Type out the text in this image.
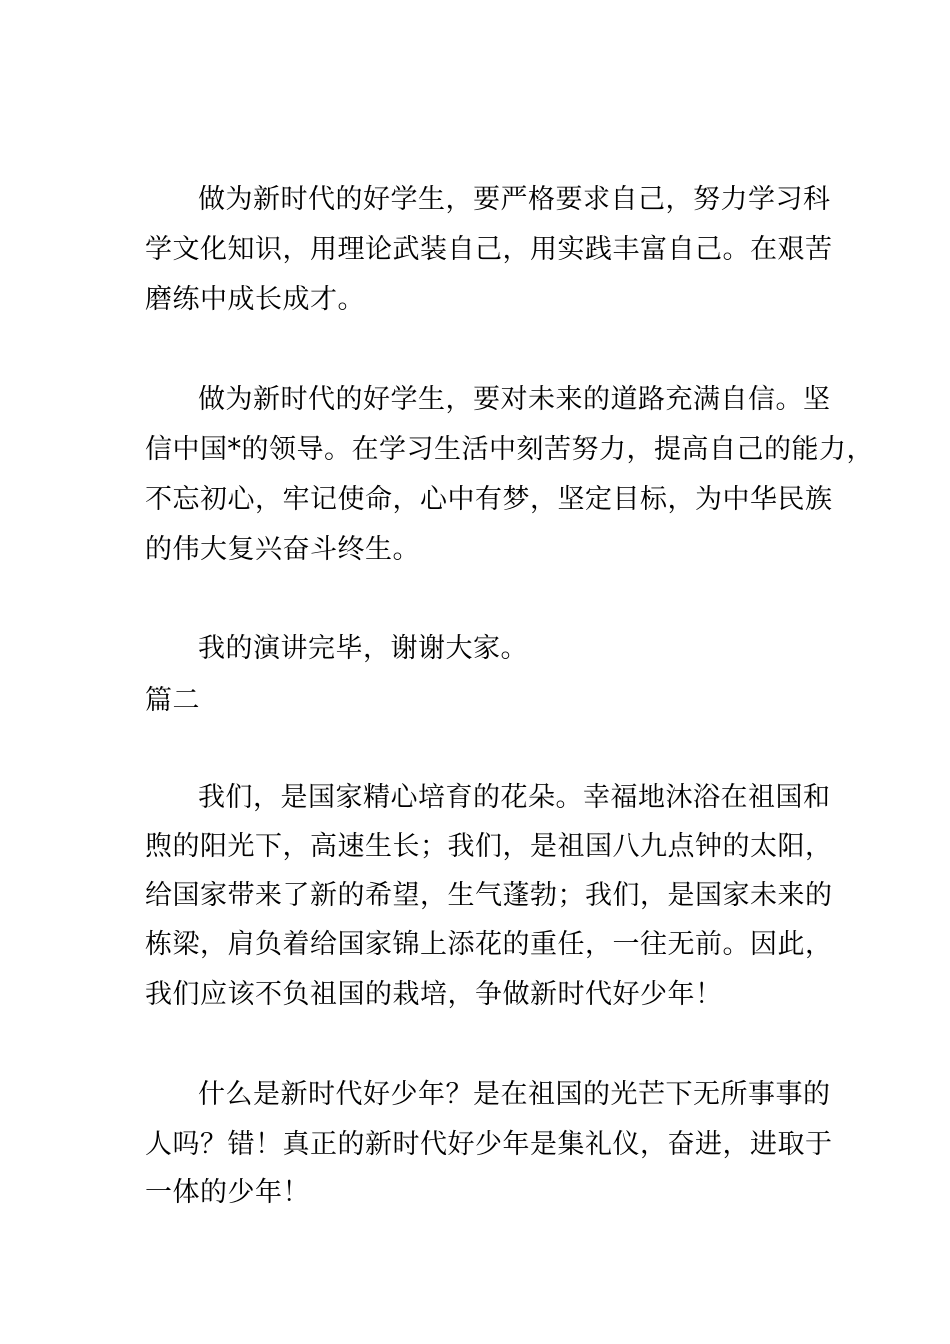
做为新时代的好学生，要严格要求自己，努力学习科
学文化知识，用理论武装自己，用实践丰富自己。在艰苦
磨练中成长成才。
做为新时代的好学生，要对未来的道路充满自信。坚
信中国*的领导。在学习生活中刻苦努力，提高自己的能力，
不忘初心，牢记使命，心中有梦，坚定目标，为中华民族
的伟大复兴奋斗终生。
我的演讲完毕，谢谢大家。
篇二
我们，是国家精心培育的花朵。幸福地沐浴在祖国和
煦的阳光下，高速生长；我们，是祖国八九点钟的太阳，
给国家带来了新的希望，生气蓬勃；我们，是国家未来的
栋梁，肩负着给国家锦上添花的重任，一往无前。因此，
我们应该不负祖国的栽培，争做新时代好少年！
什么是新时代好少年？是在祖国的光芒下无所事事的
人吗？错！真正的新时代好少年是集礼仪，奋进，进取于
一体的少年！
